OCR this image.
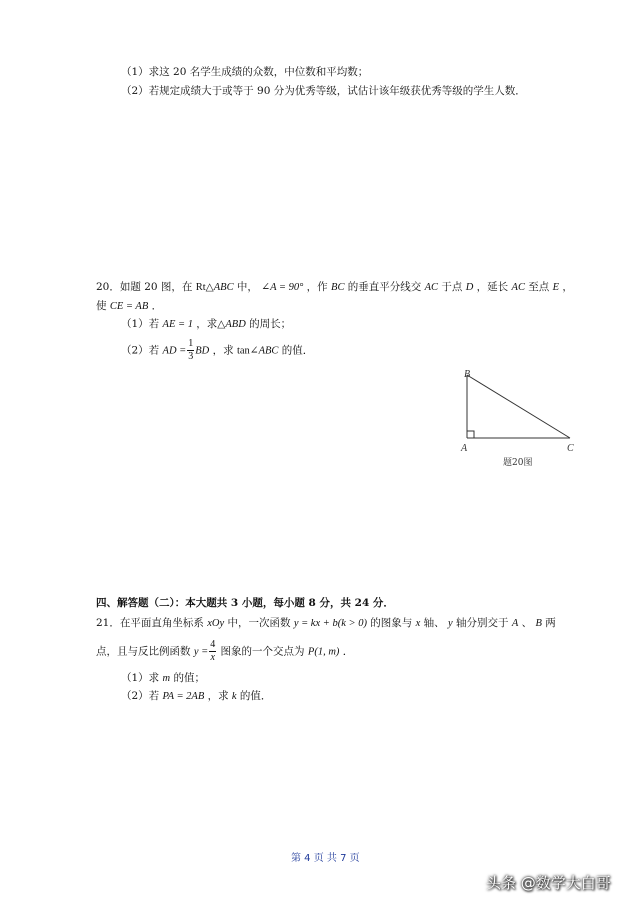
（1）求这 20 名学生成绩的众数，中位数和平均数；
（2）若规定成绩大于或等于 90 分为优秀等级，试估计该年级获优秀等级的学生人数．
20．如题 20 图，在 Rt△ABC 中， ∠A = 90° ，作 BC 的垂直平分线交 AC 于点 D ，延长 AC 至点 E ，
使 CE = AB ．
（1）若 AE = 1 ，求△ABD 的周长；
（2）若 AD = $\frac{1}{3}$ BD ，求 tan∠ABC 的值．
B
A	C
题20图
四、解答题（二）：本大题共 3 小题，每小题 8 分，共 24 分．
21．在平面直角坐标系 xOy 中，一次函数 y = kx + b(k > 0) 的图象与 x 轴、 y 轴分别交于 A 、 B 两
点，且与反比例函数 $y = \frac{4}{x}$ 图象的一个交点为 P(1, m) ．
（1）求 m 的值；
（2）若 PA = 2AB ，求 k 的值．
第 4 页 共 7 页
头条 @数学大白哥
